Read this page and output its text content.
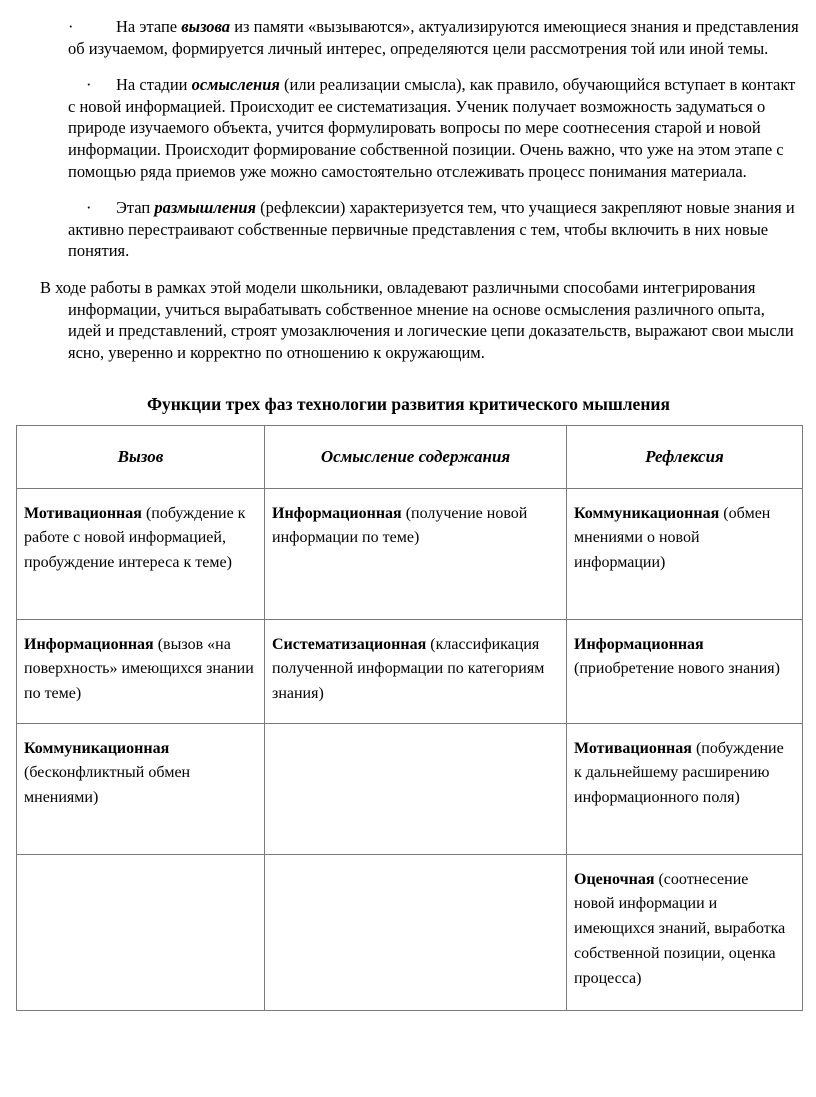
·	На этапе вызова из памяти «вызываются», актуализируются имеющиеся знания и представления об изучаемом, формируется личный интерес, определяются цели рассмотрения той или иной темы.

· На стадии осмысления (или реализации смысла), как правило, обучающийся вступает в контакт с новой информацией. Происходит ее систематизация. Ученик получает возможность задуматься о природе изучаемого объекта, учится формулировать вопросы по мере соотнесения старой и новой информации. Происходит формирование собственной позиции. Очень важно, что уже на этом этапе с помощью ряда приемов уже можно самостоятельно отслеживать процесс понимания материала.

· Этап размышления (рефлексии) характеризуется тем, что учащиеся закрепляют новые знания и активно перестраивают собственные первичные представления с тем, чтобы включить в них новые понятия.

В ходе работы в рамках этой модели школьники, овладевают различными способами интегрирования информации, учиться вырабатывать собственное мнение на основе осмысления различного опыта, идей и представлений, строят умозаключения и логические цепи доказательств, выражают свои мысли ясно, уверенно и корректно по отношению к окружающим.

Функции трех фаз технологии развития критического мышления
Вызов	Осмысление содержания	Рефлексия
Мотивационная (побуждение к работе с новой информацией, пробуждение интереса к теме)	Информационная (получение новой информации по теме)	Коммуникационная (обмен мнениями о новой информации)
Информационная (вызов «на поверхность» имеющихся знании по теме)	Систематизационная (классификация полученной информации по категориям знания)	Информационная (приобретение нового знания)
Коммуникационная (бесконфликтный обмен мнениями)		Мотивационная (побуждение к дальнейшему расширению информационного поля)
		Оценочная (соотнесение новой информации и имеющихся знаний, выработка собственной позиции, оценка процесса)
